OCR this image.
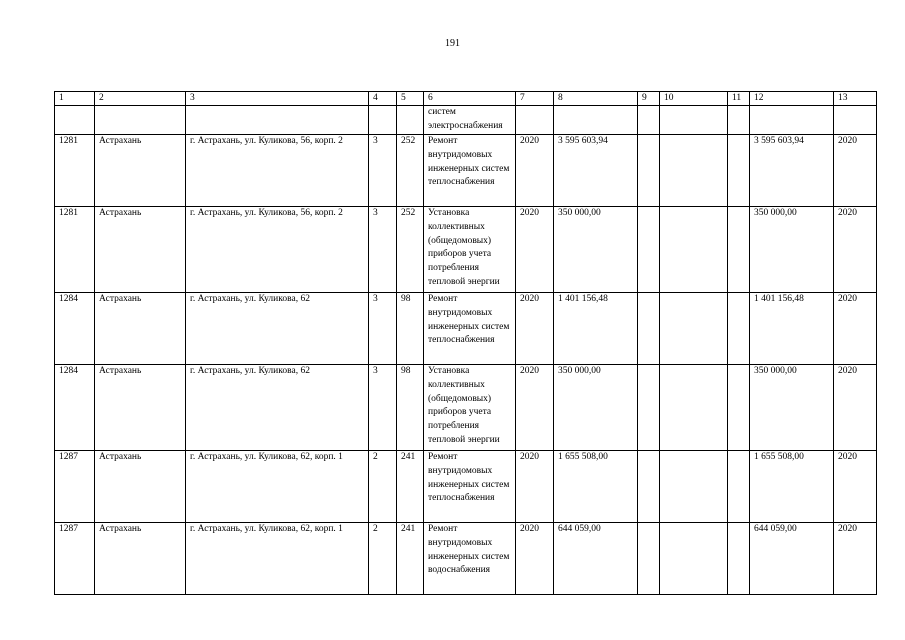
191
1	2	3	4	5	6	7	8	9	10	11	12	13
					систем электроснабжения							
1281	Астрахань	г. Астрахань, ул. Куликова, 56, корп. 2	3	252	Ремонт внутридомовых инженерных систем теплоснабжения	2020	3 595 603,94				3 595 603,94	2020
1281	Астрахань	г. Астрахань, ул. Куликова, 56, корп. 2	3	252	Установка коллективных (общедомовых) приборов учета потребления тепловой энергии	2020	350 000,00				350 000,00	2020
1284	Астрахань	г. Астрахань, ул. Куликова, 62	3	98	Ремонт внутридомовых инженерных систем теплоснабжения	2020	1 401 156,48				1 401 156,48	2020
1284	Астрахань	г. Астрахань, ул. Куликова, 62	3	98	Установка коллективных (общедомовых) приборов учета потребления тепловой энергии	2020	350 000,00				350 000,00	2020
1287	Астрахань	г. Астрахань, ул. Куликова, 62, корп. 1	2	241	Ремонт внутридомовых инженерных систем теплоснабжения	2020	1 655 508,00				1 655 508,00	2020
1287	Астрахань	г. Астрахань, ул. Куликова, 62, корп. 1	2	241	Ремонт внутридомовых инженерных систем водоснабжения	2020	644 059,00				644 059,00	2020
